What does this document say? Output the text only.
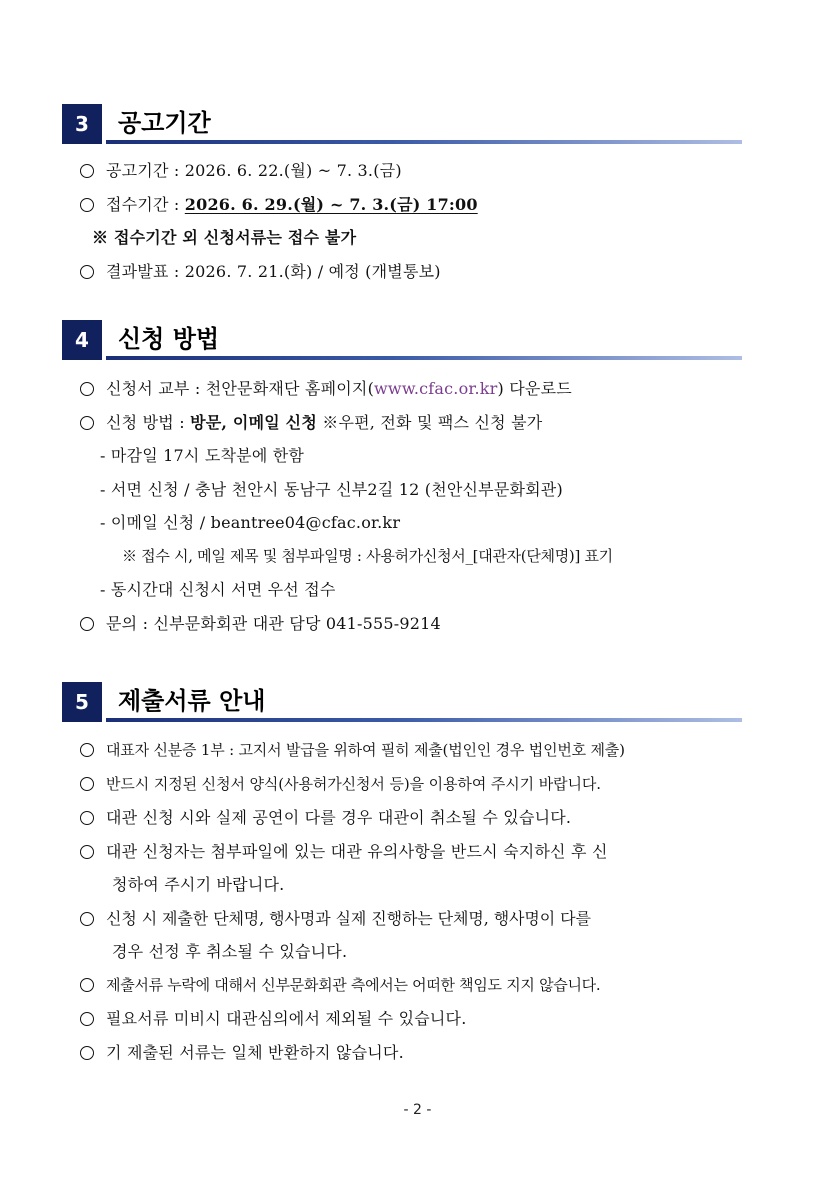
3	공고기간
공고기간 : 2026. 6. 22.(월) ~ 7. 3.(금)
접수기간 : 2026. 6. 29.(월) ~ 7. 3.(금) 17:00
※ 접수기간 외 신청서류는 접수 불가
결과발표 : 2026. 7. 21.(화) / 예정 (개별통보)
4	신청 방법
신청서 교부 : 천안문화재단 홈페이지(www.cfac.or.kr) 다운로드
신청 방법 : 방문, 이메일 신청 ※우편, 전화 및 팩스 신청 불가
- 마감일 17시 도착분에 한함
- 서면 신청 / 충남 천안시 동남구 신부2길 12 (천안신부문화회관)
- 이메일 신청 / beantree04@cfac.or.kr
※ 접수 시, 메일 제목 및 첨부파일명 : 사용허가신청서_[대관자(단체명)] 표기
- 동시간대 신청시 서면 우선 접수
문의 : 신부문화회관 대관 담당 041-555-9214
5	제출서류 안내
대표자 신분증 1부 : 고지서 발급을 위하여 필히 제출(법인인 경우 법인번호 제출)
반드시 지정된 신청서 양식(사용허가신청서 등)을 이용하여 주시기 바랍니다.
대관 신청 시와 실제 공연이 다를 경우 대관이 취소될 수 있습니다.
대관 신청자는 첨부파일에 있는 대관 유의사항을 반드시 숙지하신 후 신
청하여 주시기 바랍니다.
신청 시 제출한 단체명, 행사명과 실제 진행하는 단체명, 행사명이 다를
경우 선정 후 취소될 수 있습니다.
제출서류 누락에 대해서 신부문화회관 측에서는 어떠한 책임도 지지 않습니다.
필요서류 미비시 대관심의에서 제외될 수 있습니다.
기 제출된 서류는 일체 반환하지 않습니다.
- 2 -
